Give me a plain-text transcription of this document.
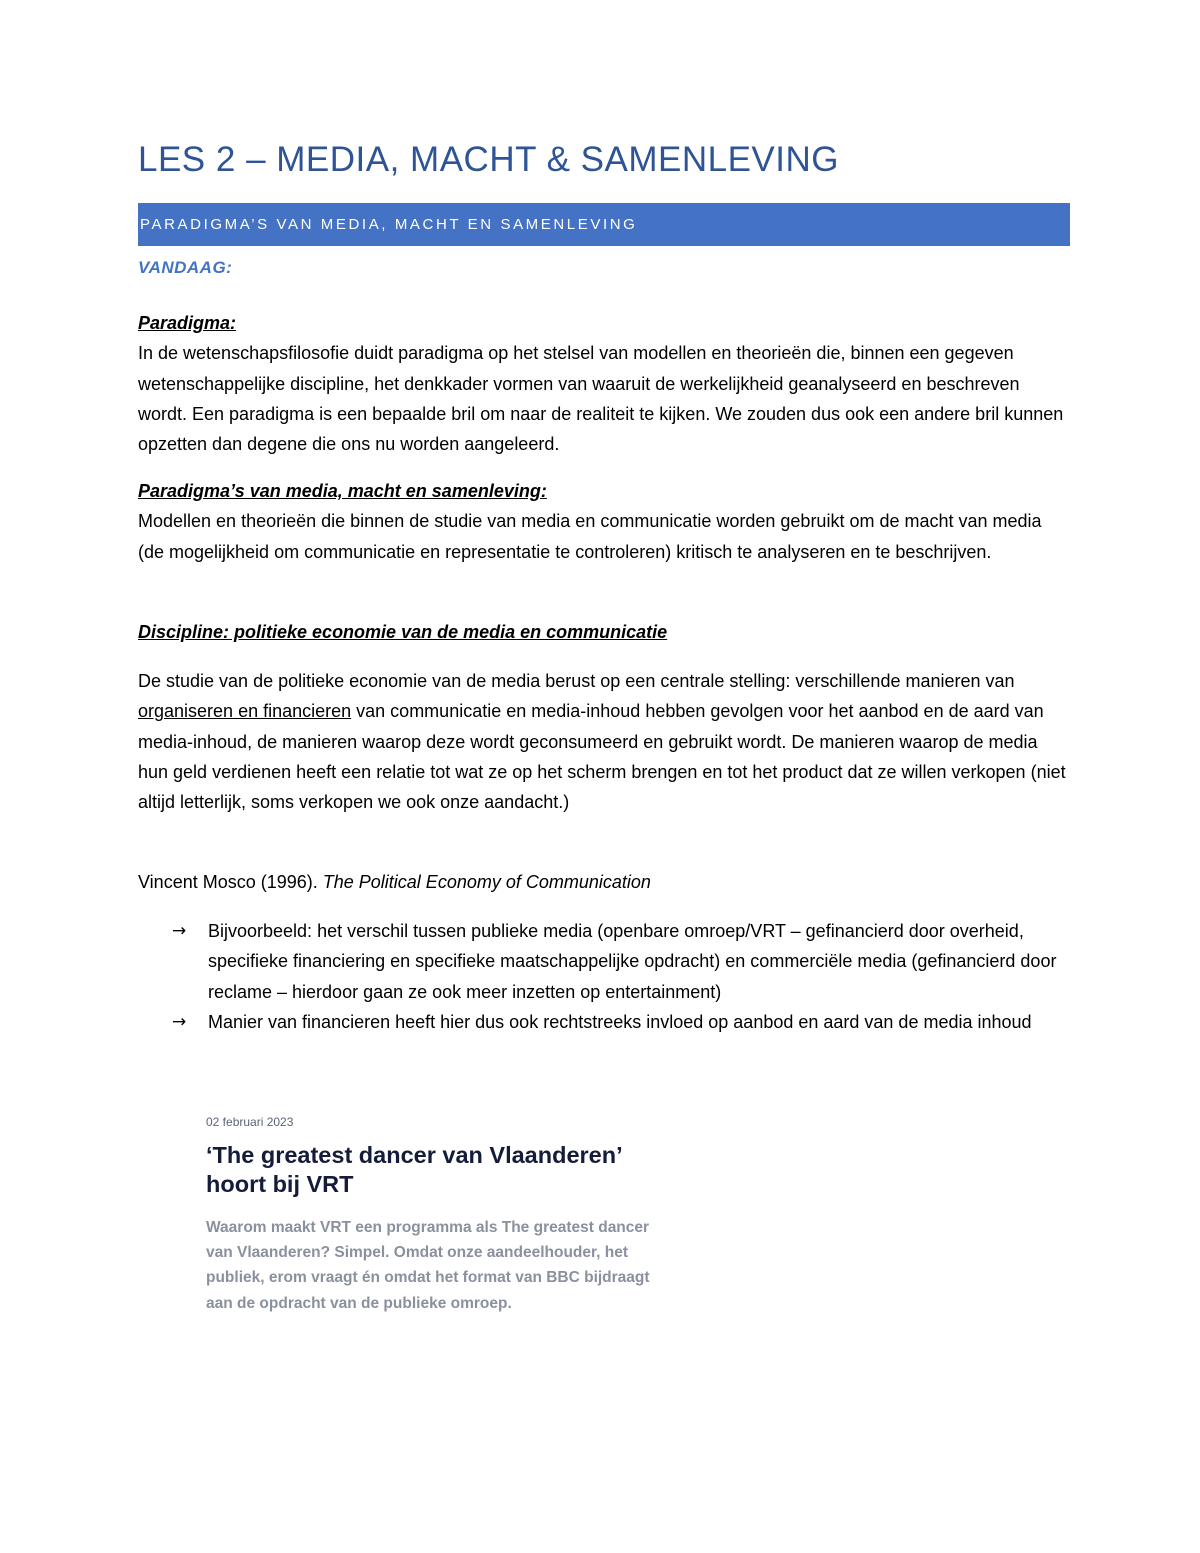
LES 2 – MEDIA, MACHT & SAMENLEVING
PARADIGMA’S VAN MEDIA, MACHT EN SAMENLEVING
VANDAAG:
Paradigma:
In de wetenschapsfilosofie duidt paradigma op het stelsel van modellen en theorieën die, binnen een gegeven wetenschappelijke discipline, het denkkader vormen van waaruit de werkelijkheid geanalyseerd en beschreven wordt. Een paradigma is een bepaalde bril om naar de realiteit te kijken. We zouden dus ook een andere bril kunnen opzetten dan degene die ons nu worden aangeleerd.
Paradigma’s van media, macht en samenleving:
Modellen en theorieën die binnen de studie van media en communicatie worden gebruikt om de macht van media (de mogelijkheid om communicatie en representatie te controleren) kritisch te analyseren en te beschrijven.
Discipline: politieke economie van de media en communicatie
De studie van de politieke economie van de media berust op een centrale stelling: verschillende manieren van organiseren en financieren van communicatie en media-inhoud hebben gevolgen voor het aanbod en de aard van media-inhoud, de manieren waarop deze wordt geconsumeerd en gebruikt wordt. De manieren waarop de media hun geld verdienen heeft een relatie tot wat ze op het scherm brengen en tot het product dat ze willen verkopen (niet altijd letterlijk, soms verkopen we ook onze aandacht.)
Vincent Mosco (1996). The Political Economy of Communication
→ Bijvoorbeeld: het verschil tussen publieke media (openbare omroep/VRT – gefinancierd door overheid, specifieke financiering en specifieke maatschappelijke opdracht) en commerciële media (gefinancierd door reclame – hierdoor gaan ze ook meer inzetten op entertainment)
→ Manier van financieren heeft hier dus ook rechtstreeks invloed op aanbod en aard van de media inhoud

02 februari 2023

‘The greatest dancer van Vlaanderen’
hoort bij VRT

Waarom maakt VRT een programma als The greatest dancer van Vlaanderen? Simpel. Omdat onze aandeelhouder, het publiek, erom vraagt én omdat het format van BBC bijdraagt aan de opdracht van de publieke omroep.
